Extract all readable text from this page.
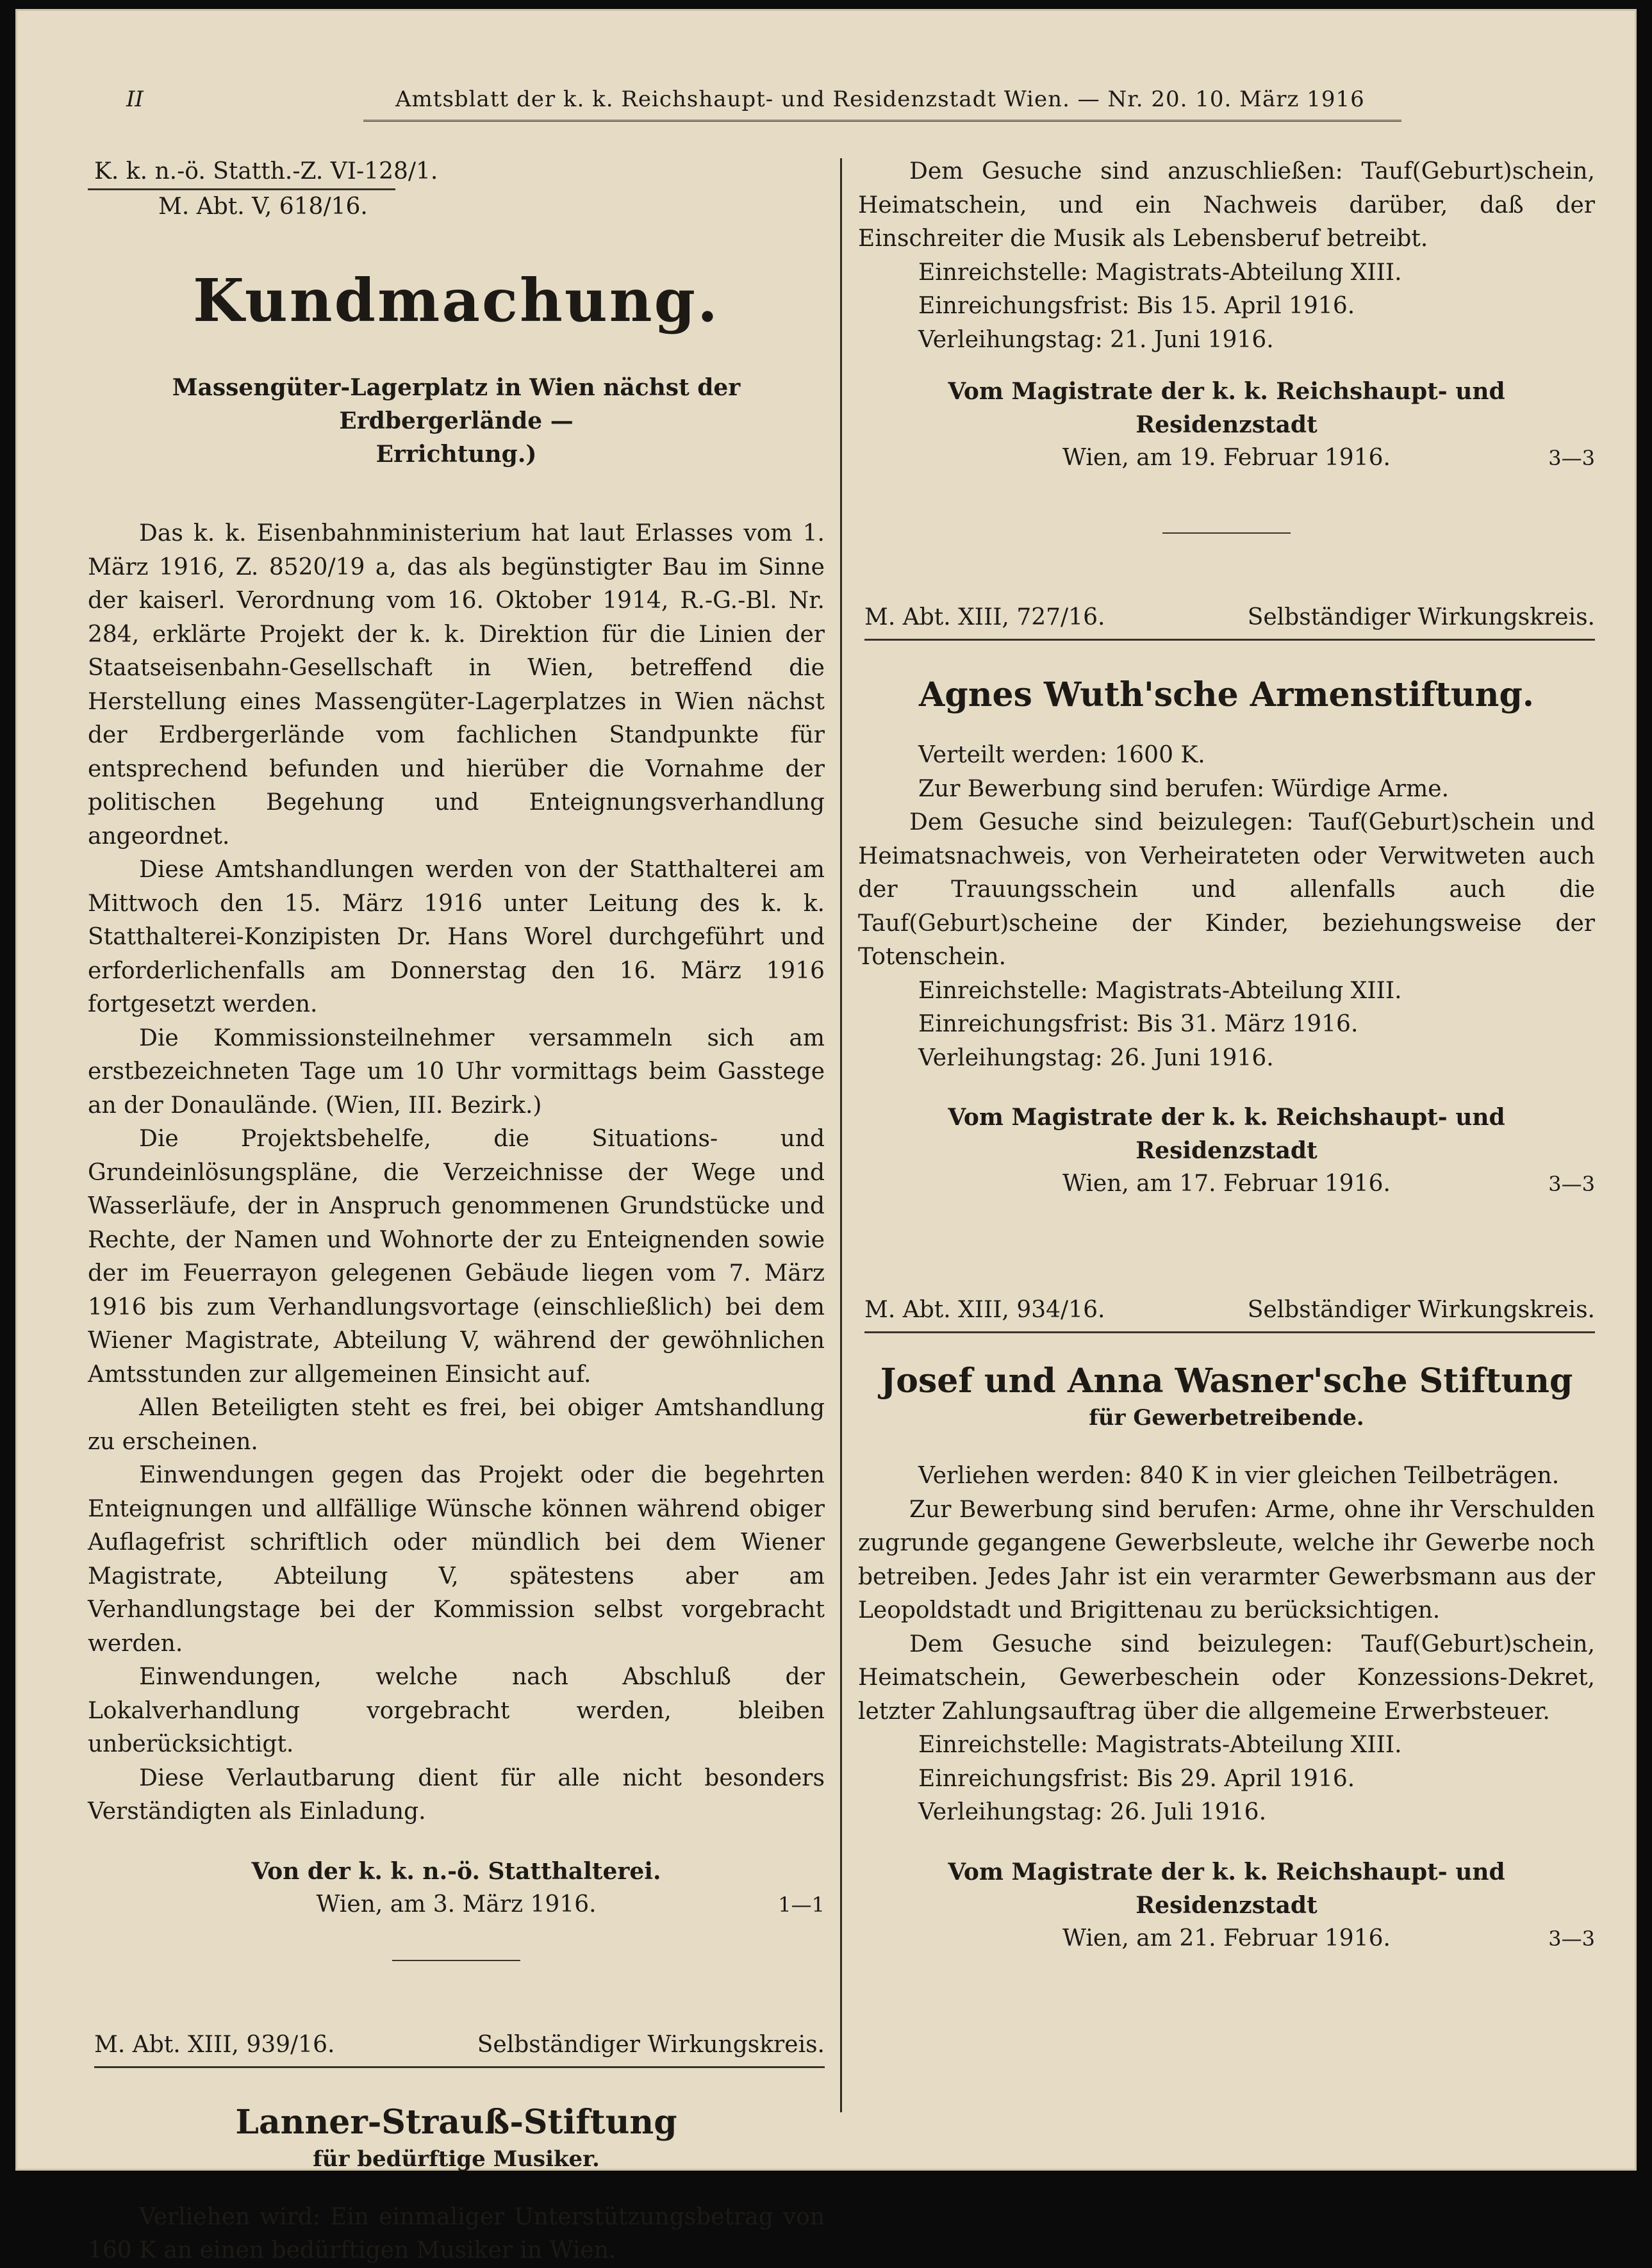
II	Amtsblatt der k. k. Reichshaupt- und Residenzstadt Wien. — Nr. 20. 10. März 1916
K. k. n.-ö. Statth.-Z. VI-128/1.
M. Abt. V, 618/16.
Kundmachung.
Massengüter-Lagerplatz in Wien nächst der Erdbergerlände —
Errichtung.)

Das k. k. Eisenbahnministerium hat laut Erlasses vom 1. März 1916, Z. 8520/19 a, das als begünstigter Bau im Sinne der kaiserl. Verordnung vom 16. Oktober 1914, R.-G.-Bl. Nr. 284, erklärte Projekt der k. k. Direktion für die Linien der Staatseisenbahn-Gesellschaft in Wien, betreffend die Herstellung eines Massengüter-Lagerplatzes in Wien nächst der Erdbergerlände vom fachlichen Standpunkte für entsprechend befunden und hierüber die Vornahme der politischen Begehung und Enteignungsverhandlung angeordnet.

Diese Amtshandlungen werden von der Statthalterei am Mittwoch den 15. März 1916 unter Leitung des k. k. Statthalterei-Konzipisten Dr. Hans Worel durchgeführt und erforderlichenfalls am Donnerstag den 16. März 1916 fortgesetzt werden.

Die Kommissionsteilnehmer versammeln sich am erstbezeichneten Tage um 10 Uhr vormittags beim Gasstege an der Donaulände. (Wien, III. Bezirk.)

Die Projektsbehelfe, die Situations- und Grundeinlösungspläne, die Verzeichnisse der Wege und Wasserläufe, der in Anspruch genommenen Grundstücke und Rechte, der Namen und Wohnorte der zu Enteignenden sowie der im Feuerrayon gelegenen Gebäude liegen vom 7. März 1916 bis zum Verhandlungsvortage (einschließlich) bei dem Wiener Magistrate, Abteilung V, während der gewöhnlichen Amtsstunden zur allgemeinen Einsicht auf.

Allen Beteiligten steht es frei, bei obiger Amtshandlung zu erscheinen.

Einwendungen gegen das Projekt oder die begehrten Enteignungen und allfällige Wünsche können während obiger Auflagefrist schriftlich oder mündlich bei dem Wiener Magistrate, Abteilung V, spätestens aber am Verhandlungstage bei der Kommission selbst vorgebracht werden.

Einwendungen, welche nach Abschluß der Lokalverhandlung vorgebracht werden, bleiben unberücksichtigt.

Diese Verlautbarung dient für alle nicht besonders Verständigten als Einladung.

Von der k. k. n.-ö. Statthalterei.
Wien, am 3. März 1916.	1—1
M. Abt. XIII, 939/16.	Selbständiger Wirkungskreis.
Lanner-Strauß-Stiftung
für bedürftige Musiker.

Verliehen wird: Ein einmaliger Unterstützungsbetrag von 160 K an einen bedürftigen Musiker in Wien.

Dem Gesuche sind anzuschließen: Tauf(Geburt)schein, Heimatschein, und ein Nachweis darüber, daß der Einschreiter die Musik als Lebensberuf betreibt.

Einreichstelle: Magistrats-Abteilung XIII.

Einreichungsfrist: Bis 15. April 1916.

Verleihungstag: 21. Juni 1916.

Vom Magistrate der k. k. Reichshaupt- und Residenzstadt
Wien, am 19. Februar 1916.	3—3
M. Abt. XIII, 727/16.	Selbständiger Wirkungskreis.
Agnes Wuth'sche Armenstiftung.

Verteilt werden: 1600 K.

Zur Bewerbung sind berufen: Würdige Arme.

Dem Gesuche sind beizulegen: Tauf(Geburt)schein und Heimatsnachweis, von Verheirateten oder Verwitweten auch der Trauungsschein und allenfalls auch die Tauf(Geburt)scheine der Kinder, beziehungsweise der Totenschein.

Einreichstelle: Magistrats-Abteilung XIII.

Einreichungsfrist: Bis 31. März 1916.

Verleihungstag: 26. Juni 1916.

Vom Magistrate der k. k. Reichshaupt- und Residenzstadt
Wien, am 17. Februar 1916.	3—3
M. Abt. XIII, 934/16.	Selbständiger Wirkungskreis.
Josef und Anna Wasner'sche Stiftung
für Gewerbetreibende.

Verliehen werden: 840 K in vier gleichen Teilbeträgen.

Zur Bewerbung sind berufen: Arme, ohne ihr Verschulden zugrunde gegangene Gewerbsleute, welche ihr Gewerbe noch betreiben. Jedes Jahr ist ein verarmter Gewerbsmann aus der Leopoldstadt und Brigittenau zu berücksichtigen.

Dem Gesuche sind beizulegen: Tauf(Geburt)schein, Heimatschein, Gewerbeschein oder Konzessions-Dekret, letzter Zahlungsauftrag über die allgemeine Erwerbsteuer.

Einreichstelle: Magistrats-Abteilung XIII.

Einreichungsfrist: Bis 29. April 1916.

Verleihungstag: 26. Juli 1916.

Vom Magistrate der k. k. Reichshaupt- und Residenzstadt
Wien, am 21. Februar 1916.	3—3
